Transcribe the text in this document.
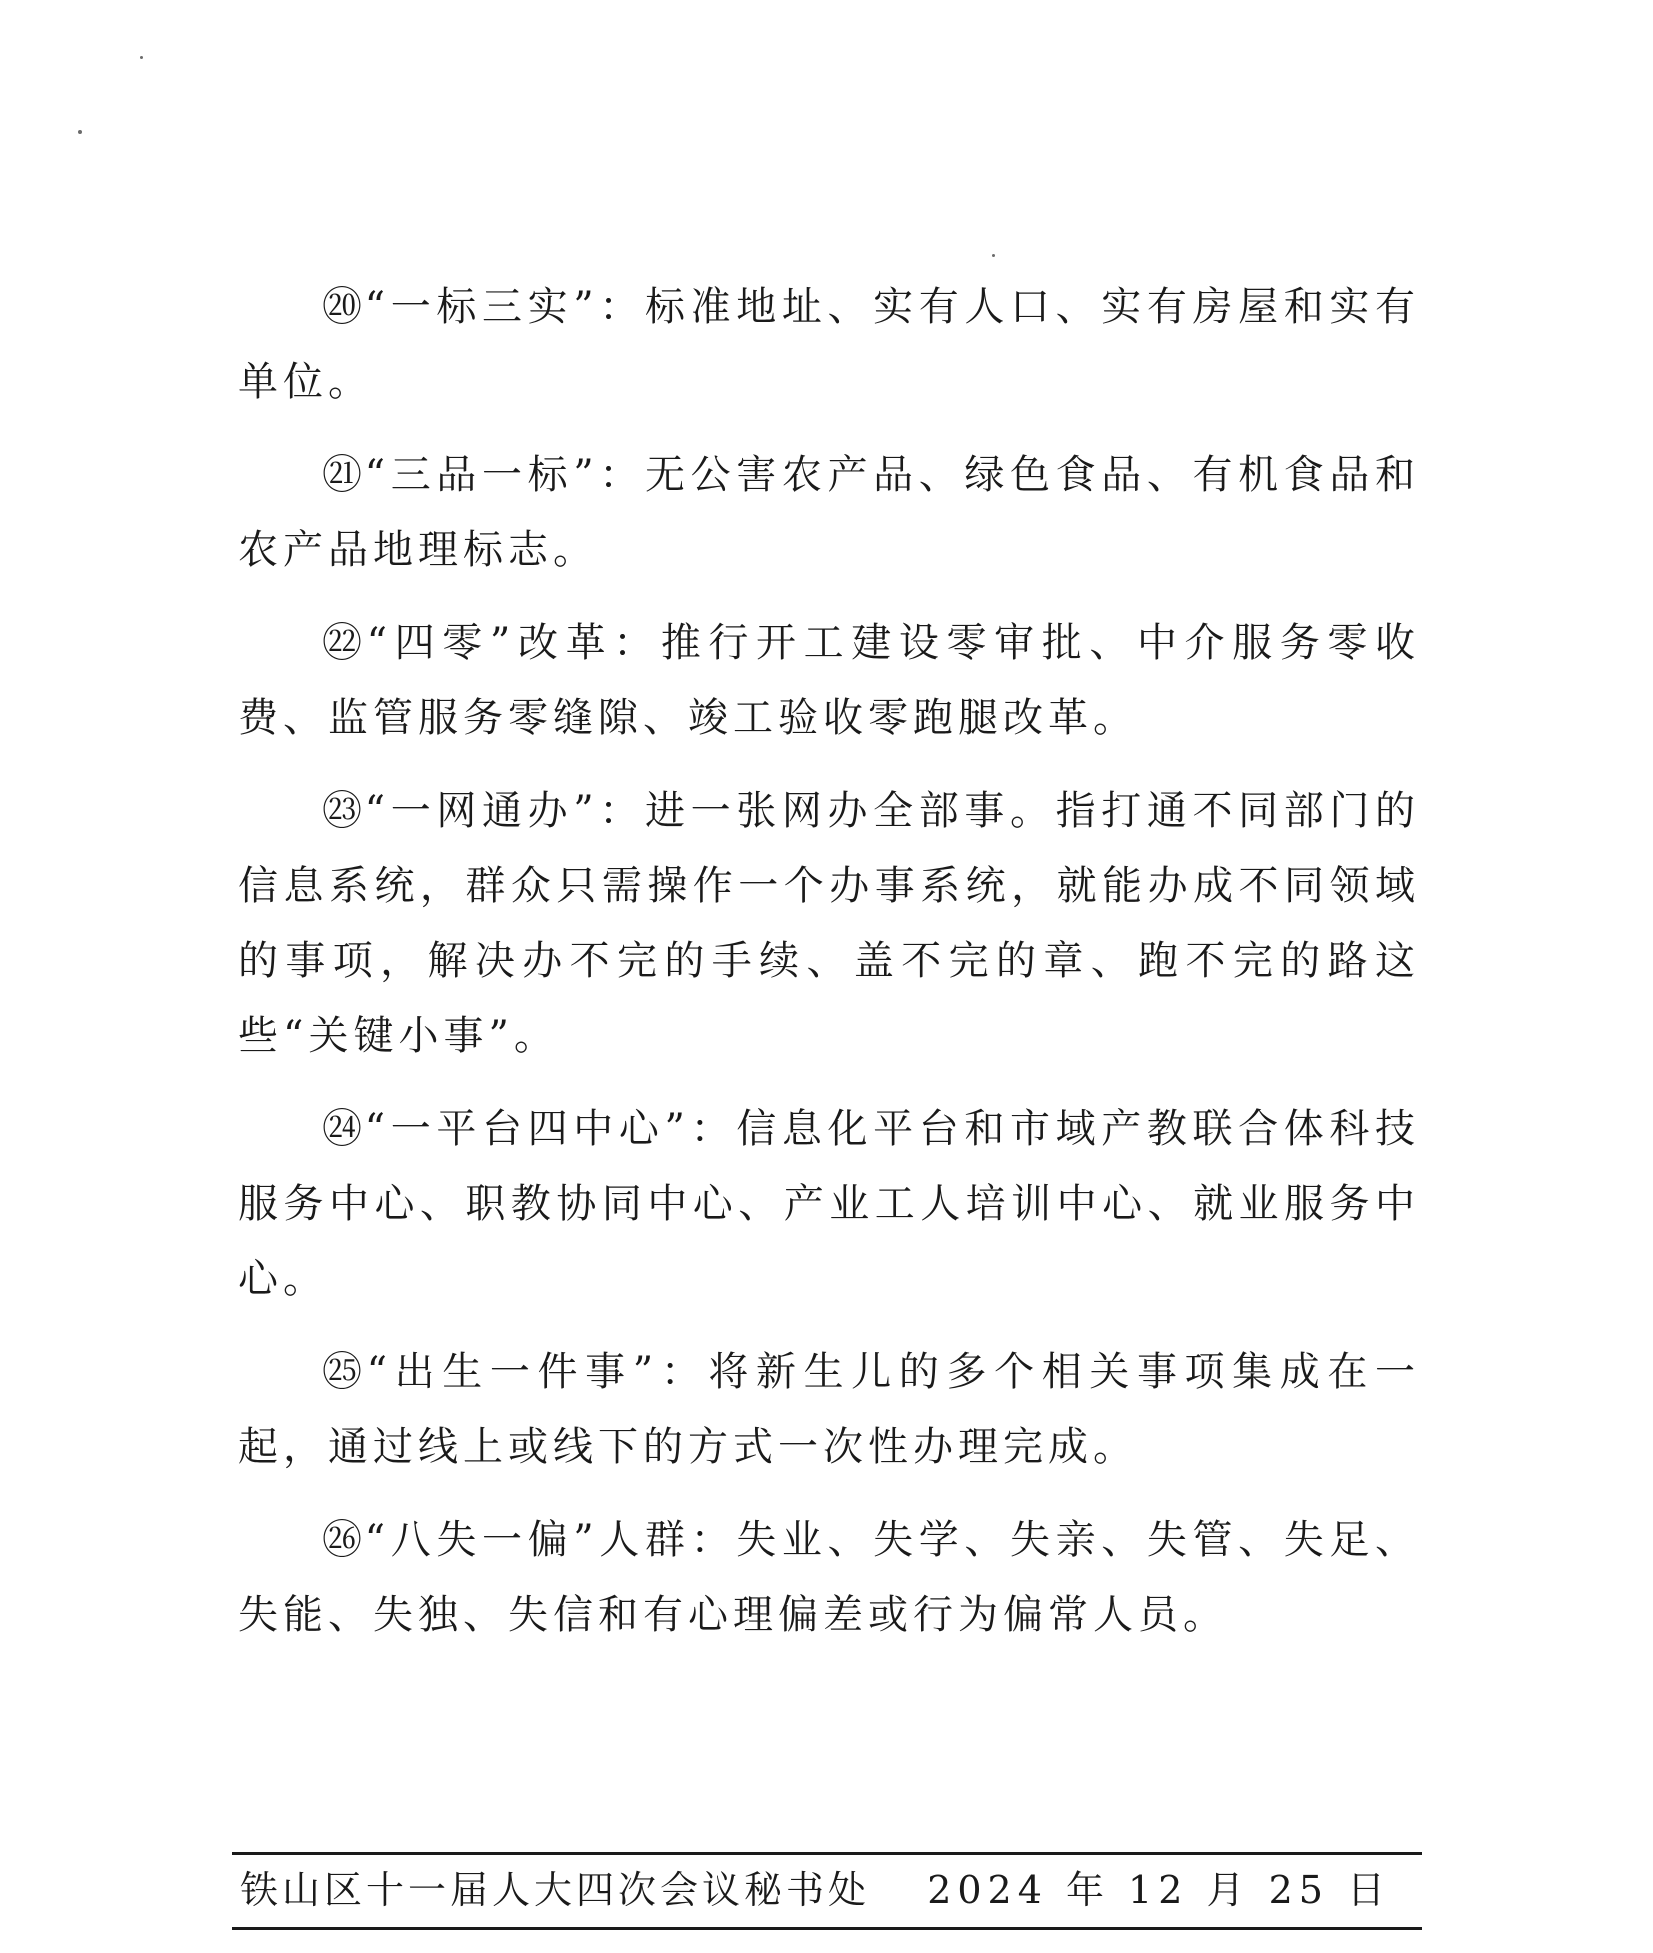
⑳“一标三实”：标准地址、实有人口、实有房屋和实有单位。

㉑“三品一标”：无公害农产品、绿色食品、有机食品和农产品地理标志。

㉒“四零”改革：推行开工建设零审批、中介服务零收费、监管服务零缝隙、竣工验收零跑腿改革。

㉓“一网通办”：进一张网办全部事。指打通不同部门的信息系统，群众只需操作一个办事系统，就能办成不同领域的事项，解决办不完的手续、盖不完的章、跑不完的路这些“关键小事”。

㉔“一平台四中心”：信息化平台和市域产教联合体科技服务中心、职教协同中心、产业工人培训中心、就业服务中心。

㉕“出生一件事”：将新生儿的多个相关事项集成在一起，通过线上或线下的方式一次性办理完成。

㉖“八失一偏”人群：失业、失学、失亲、失管、失足、失能、失独、失信和有心理偏差或行为偏常人员。

铁山区十一届人大四次会议秘书处 2024 年 12 月 25 日
